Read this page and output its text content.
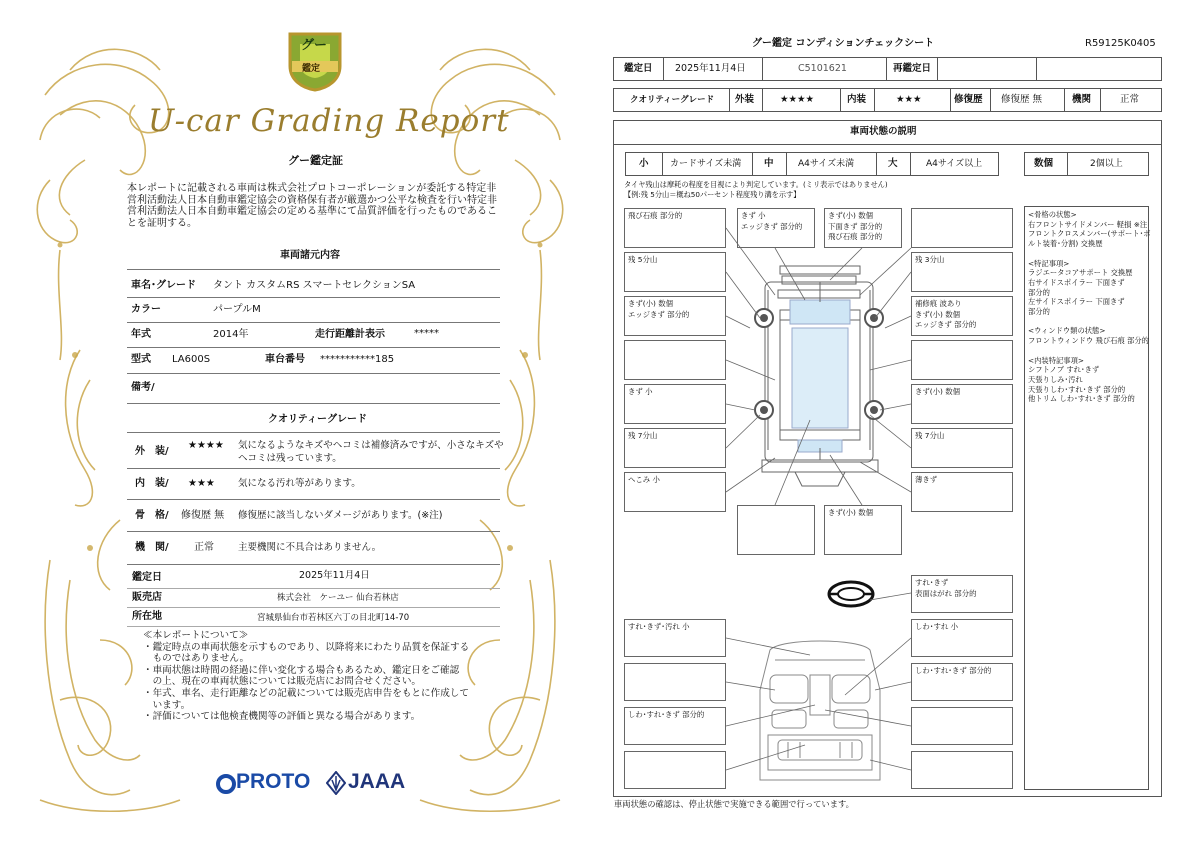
グー
鑑定
U-car Grading Report
グー鑑定証
本レポートに記載される車両は株式会社プロトコーポレーションが委託する特定非営利活動法人日本自動車鑑定協会の資格保有者が厳選かつ公平な検査を行い特定非営利活動法人日本自動車鑑定協会の定める基準にて品質評価を行ったものであることを証明する。
車両諸元内容
車名･グレード タント カスタムRS スマートセレクションSA
カラー	パープルM
年式	2014年	走行距離計表示	*****
型式 LA600S	車台番号 ***********185
備考/
クオリティーグレード
外　装/
★★★★ 気になるようなキズやヘコミは補修済みですが、小さなキズや
ヘコミは残っています。
内　装/ ★★★ 気になる汚れ等があります。
骨　格/ 修復歴 無 修復歴に該当しないダメージがあります。(※注)
機　関/	正常	主要機関に不具合はありません。
鑑定日	2025年11月4日
販売店	株式会社　ケーユー 仙台若林店
所在地	宮城県仙台市若林区六丁の目北町14-70
≪本レポートについて≫
・鑑定時点の車両状態を示すものであり、以降将来にわたり品質を保証する
　ものではありません。
・車両状態は時間の経過に伴い変化する場合もあるため、鑑定日をご確認
　の上、現在の車両状態については販売店にお問合せください。
・年式、車名、走行距離などの記載については販売店申告をもとに作成して
　います。
・評価については他検査機関等の評価と異なる場合があります。
PROTO JAAA
グー鑑定 コンディションチェックシート	R59125K0405
鑑定日 2025年11月4日	C5101621	再鑑定日
クオリティーグレード 外装	★★★★	内装	★★★	修復歴 修復歴 無	機関	正常
車両状態の説明
小 カードサイズ未満 中	A4サイズ未満	大	A4サイズ以上	数個	2個以上
タイヤ残山は摩耗の程度を目視により判定しています。(ミリ表示ではありません)
【例:残 5分山＝概ね50パーセント程度残り溝を示す】
<骨格の状態>
右フロントサイドメンバー 軽損 ※注
フロントクロスメンバー(サポート･ボ
ルト装着･分割) 交換歴

<特記事項>
ラジエータコアサポート 交換歴
右サイドスポイラー 下面きず
部分的
左サイドスポイラー 下面きず
部分的

<ウィンドウ類の状態>
フロントウィンドウ 飛び石痕 部分的

<内装特記事項>
シフトノブ すれ･きず
天張りしみ･汚れ
天張りしわ･すれ･きず 部分的
他トリム しわ･すれ･きず 部分的
飛び石痕 部分的
残 5分山
きず(小) 数個
エッジきず 部分的
きず 小
残 7分山
へこみ 小
きず 小
エッジきず 部分的
きず(小) 数個
下面きず 部分的
飛び石痕 部分的
残 3分山
補修痕 波あり
きず(小) 数個
エッジきず 部分的
きず(小) 数個
残 7分山
薄きず
きず(小) 数個
すれ･きず
表面はがれ 部分的
すれ･きず･汚れ 小
しわ･すれ･きず 部分的
しわ･すれ 小
しわ･すれ･きず 部分的
車両状態の確認は、停止状態で実施できる範囲で行っています。
